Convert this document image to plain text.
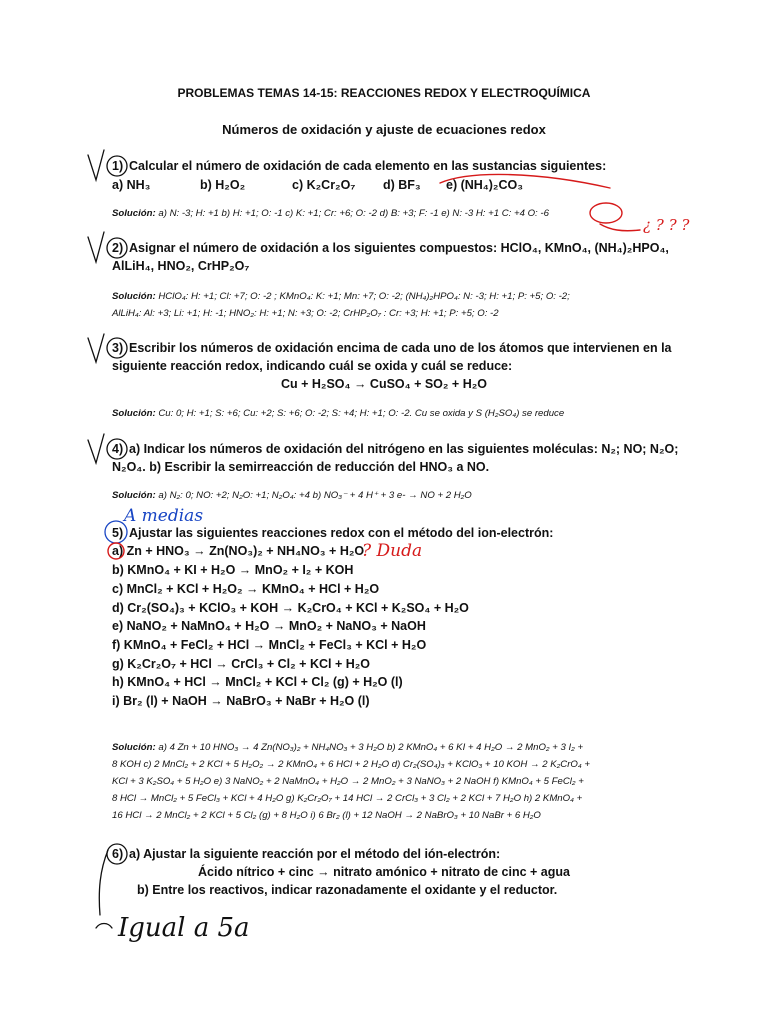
PROBLEMAS TEMAS 14-15: REACCIONES REDOX Y ELECTROQUÍMICA
Números de oxidación y ajuste de ecuaciones redox
1) Calcular el número de oxidación de cada elemento en las sustancias siguientes:
a) NH₃	b) H₂O₂	c) K₂Cr₂O₇ d) BF₃ e) (NH₄)₂CO₃
Solución: a) N: -3; H: +1 b) H: +1; O: -1 c) K: +1; Cr: +6; O: -2 d) B: +3; F: -1 e) N: -3 H: +1 C: +4 O: -6
2) Asignar el número de oxidación a los siguientes compuestos: HClO₄, KMnO₄, (NH₄)₂HPO₄,
AlLiH₄, HNO₂, CrHP₂O₇
Solución: HClO₄: H: +1; Cl: +7; O: -2 ; KMnO₄: K: +1; Mn: +7; O: -2; (NH₄)₂HPO₄: N: -3; H: +1; P: +5; O: -2;
AlLiH₄: Al: +3; Li: +1; H: -1; HNO₂: H: +1; N: +3; O: -2; CrHP₂O₇ : Cr: +3; H: +1; P: +5; O: -2
3) Escribir los números de oxidación encima de cada uno de los átomos que intervienen en la
siguiente reacción redox, indicando cuál se oxida y cuál se reduce:
Cu + H₂SO₄ → CuSO₄ + SO₂ + H₂O
Solución: Cu: 0; H: +1; S: +6; Cu: +2; S: +6; O: -2; S: +4; H: +1; O: -2. Cu se oxida y S (H₂SO₄) se reduce
4) a) Indicar los números de oxidación del nitrógeno en las siguientes moléculas: N₂; NO; N₂O;
N₂O₄. b) Escribir la semirreacción de reducción del HNO₃ a NO.
Solución: a) N₂: 0; NO: +2; N₂O: +1; N₂O₄: +4 b) NO₃⁻ + 4 H⁺ + 3 e- → NO + 2 H₂O
5) Ajustar las siguientes reacciones redox con el método del ion-electrón:
a) Zn + HNO₃ → Zn(NO₃)₂ + NH₄NO₃ + H₂O
b) KMnO₄ + KI + H₂O → MnO₂ + I₂ + KOH
c) MnCl₂ + KCl + H₂O₂ → KMnO₄ + HCl + H₂O
d) Cr₂(SO₄)₃ + KClO₃ + KOH → K₂CrO₄ + KCl + K₂SO₄ + H₂O
e) NaNO₂ + NaMnO₄ + H₂O → MnO₂ + NaNO₃ + NaOH
f) KMnO₄ + FeCl₂ + HCl → MnCl₂ + FeCl₃ + KCl + H₂O
g) K₂Cr₂O₇ + HCl → CrCl₃ + Cl₂ + KCl + H₂O
h) KMnO₄ + HCl → MnCl₂ + KCl + Cl₂ (g) + H₂O (l)
i) Br₂ (l) + NaOH → NaBrO₃ + NaBr + H₂O (l)
Solución: a) 4 Zn + 10 HNO₃ → 4 Zn(NO₃)₂ + NH₄NO₃ + 3 H₂O b) 2 KMnO₄ + 6 KI + 4 H₂O → 2 MnO₂ + 3 I₂ +
8 KOH c) 2 MnCl₂ + 2 KCl + 5 H₂O₂ → 2 KMnO₄ + 6 HCl + 2 H₂O d) Cr₂(SO₄)₃ + KClO₃ + 10 KOH → 2 K₂CrO₄ +
KCl + 3 K₂SO₄ + 5 H₂O e) 3 NaNO₂ + 2 NaMnO₄ + H₂O → 2 MnO₂ + 3 NaNO₃ + 2 NaOH f) KMnO₄ + 5 FeCl₂ +
8 HCl → MnCl₂ + 5 FeCl₃ + KCl + 4 H₂O g) K₂Cr₂O₇ + 14 HCl → 2 CrCl₃ + 3 Cl₂ + 2 KCl + 7 H₂O h) 2 KMnO₄ +
16 HCl → 2 MnCl₂ + 2 KCl + 5 Cl₂ (g) + 8 H₂O i) 6 Br₂ (l) + 12 NaOH → 2 NaBrO₃ + 10 NaBr + 6 H₂O
6) a) Ajustar la siguiente reacción por el método del ión-electrón:
Ácido nítrico + cinc → nitrato amónico + nitrato de cinc + agua
b) Entre los reactivos, indicar razonadamente el oxidante y el reductor.
¿ ? ? ?
A medias
? Duda
Igual a 5a
